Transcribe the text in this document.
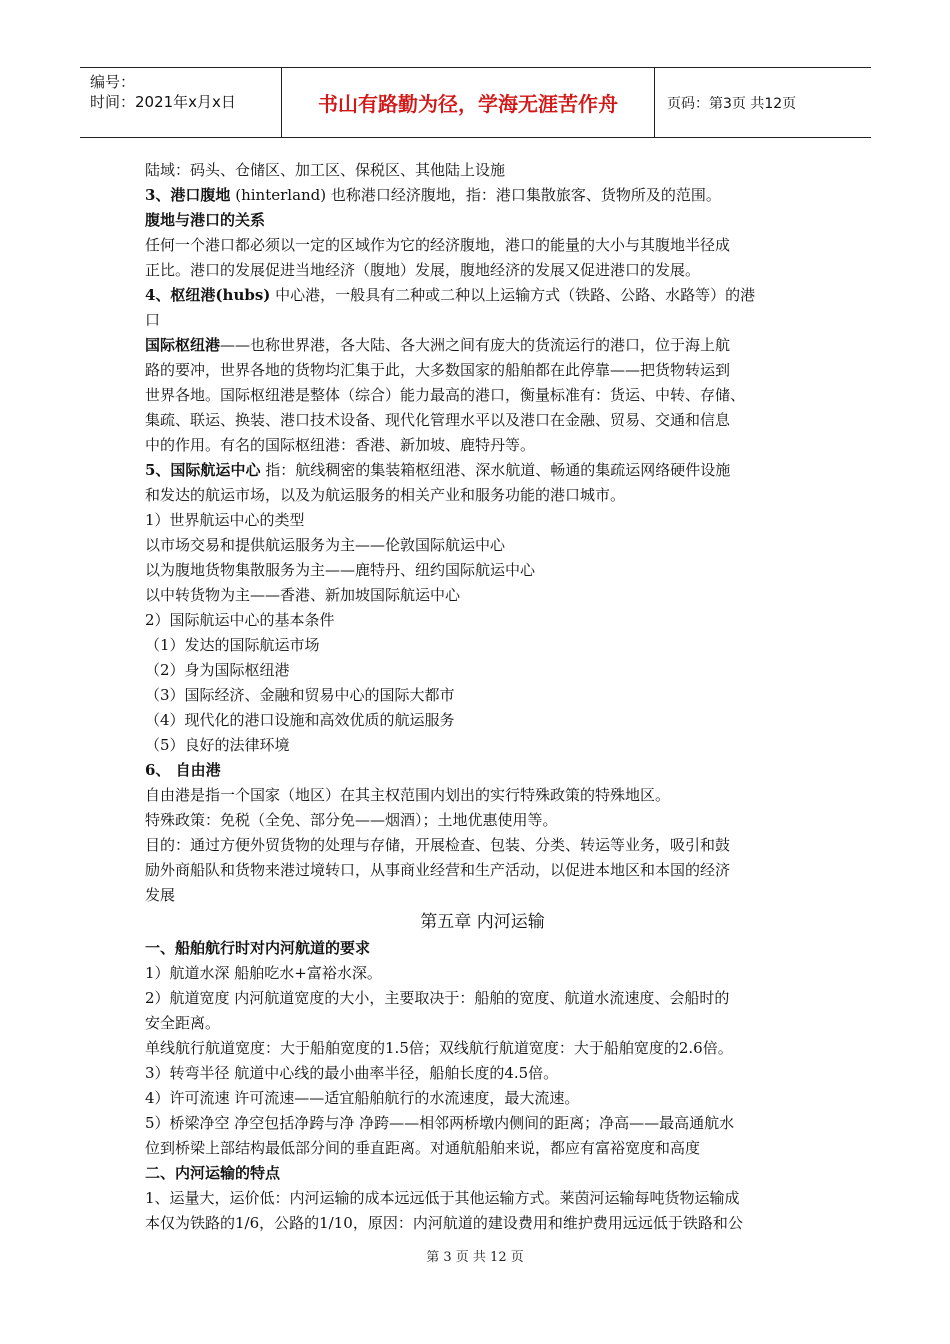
编号：
时间：2021年x月x日	书山有路勤为径，学海无涯苦作舟	页码：第3页 共12页
陆域：码头、仓储区、加工区、保税区、其他陆上设施
3、港口腹地 (hinterland) 也称港口经济腹地，指：港口集散旅客、货物所及的范围。
腹地与港口的关系
任何一个港口都必须以一定的区域作为它的经济腹地，港口的能量的大小与其腹地半径成
正比。港口的发展促进当地经济（腹地）发展，腹地经济的发展又促进港口的发展。
4、枢纽港(hubs) 中心港，一般具有二种或二种以上运输方式（铁路、公路、水路等）的港
口
国际枢纽港——也称世界港，各大陆、各大洲之间有庞大的货流运行的港口，位于海上航
路的要冲，世界各地的货物均汇集于此，大多数国家的船舶都在此停靠——把货物转运到
世界各地。国际枢纽港是整体（综合）能力最高的港口，衡量标准有：货运、中转、存储、
集疏、联运、换装、港口技术设备、现代化管理水平以及港口在金融、贸易、交通和信息
中的作用。有名的国际枢纽港：香港、新加坡、鹿特丹等。
5、国际航运中心 指：航线稠密的集装箱枢纽港、深水航道、畅通的集疏运网络硬件设施
和发达的航运市场，以及为航运服务的相关产业和服务功能的港口城市。
1）世界航运中心的类型
以市场交易和提供航运服务为主——伦敦国际航运中心
以为腹地货物集散服务为主——鹿特丹、纽约国际航运中心
以中转货物为主——香港、新加坡国际航运中心
2）国际航运中心的基本条件
（1）发达的国际航运市场
（2）身为国际枢纽港
（3）国际经济、金融和贸易中心的国际大都市
（4）现代化的港口设施和高效优质的航运服务
（5）良好的法律环境
6、 自由港
自由港是指一个国家（地区）在其主权范围内划出的实行特殊政策的特殊地区。
特殊政策：免税（全免、部分免——烟酒）；土地优惠使用等。
目的：通过方便外贸货物的处理与存储，开展检查、包装、分类、转运等业务，吸引和鼓
励外商船队和货物来港过境转口，从事商业经营和生产活动，以促进本地区和本国的经济
发展
第五章 内河运输
一、船舶航行时对内河航道的要求
1）航道水深 船舶吃水+富裕水深。
2）航道宽度 内河航道宽度的大小，主要取决于：船舶的宽度、航道水流速度、会船时的
安全距离。
单线航行航道宽度：大于船舶宽度的1.5倍；双线航行航道宽度：大于船舶宽度的2.6倍。
3）转弯半径 航道中心线的最小曲率半径，船舶长度的4.5倍。
4）许可流速 许可流速——适宜船舶航行的水流速度，最大流速。
5）桥梁净空 净空包括净跨与净 净跨——相邻两桥墩内侧间的距离；净高——最高通航水
位到桥梁上部结构最低部分间的垂直距离。对通航船舶来说，都应有富裕宽度和高度
二、内河运输的特点
1、运量大，运价低：内河运输的成本远远低于其他运输方式。莱茵河运输每吨货物运输成
本仅为铁路的1/6，公路的1/10，原因：内河航道的建设费用和维护费用远远低于铁路和公
第 3 页 共 12 页
